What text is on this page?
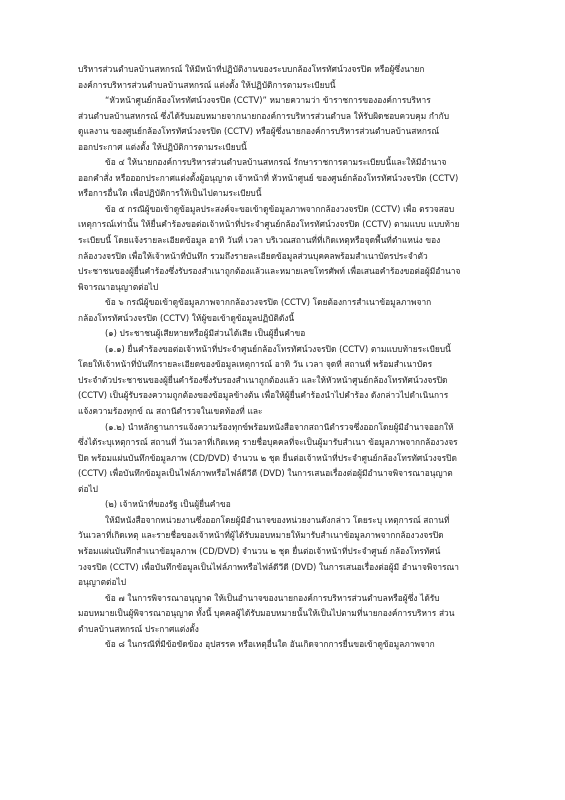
บริหารส่วนตำบลบ้านสหกรณ์ ให้มีหน้าที่ปฏิบัติงานของระบบกล้องโทรทัศน์วงจรปิด หรือผู้ซึ่งนายก
องค์การบริหารส่วนตำบลบ้านสหกรณ์ แต่งตั้ง ให้ปฏิบัติการตามระเบียบนี้
“หัวหน้าศูนย์กล้องโทรทัศน์วงจรปิด (CCTV)” หมายความว่า ข้าราชการขององค์การบริหาร
ส่วนตำบลบ้านสหกรณ์ ซึ่งได้รับมอบหมายจากนายกองค์การบริหารส่วนตำบล ให้รับผิดชอบควบคุม กำกับ
ดูแลงาน ของศูนย์กล้องโทรทัศน์วงจรปิด (CCTV) หรือผู้ซึ่งนายกองค์การบริหารส่วนตำบลบ้านสหกรณ์
ออกประกาศ แต่งตั้ง ให้ปฏิบัติการตามระเบียบนี้
ข้อ ๔ ให้นายกองค์การบริหารส่วนตำบลบ้านสหกรณ์ รักษาราชการตามระเบียบนี้และให้มีอำนาจ
ออกคำสั่ง หรือออกประกาศแต่งตั้งผู้อนุญาต เจ้าหน้าที่ หัวหน้าศูนย์ ของศูนย์กล้องโทรทัศน์วงจรปิด (CCTV)
หรือการอื่นใด เพื่อปฏิบัติการให้เป็นไปตามระเบียบนี้
ข้อ ๕ กรณีผู้ขอเข้าดูข้อมูลประสงค์จะขอเข้าดูข้อมูลภาพจากกล้องวงจรปิด (CCTV) เพื่อ ตรวจสอบ
เหตุการณ์เท่านั้น ให้ยื่นคำร้องขอต่อเจ้าหน้าที่ประจำศูนย์กล้องโทรทัศน์วงจรปิด (CCTV) ตามแบบ แบบท้าย
ระเบียบนี้ โดยแจ้งรายละเอียดข้อมูล อาทิ วันที่ เวลา บริเวณสถานที่ที่เกิดเหตุหรือจุดพื้นที่ตำแหน่ง ของ
กล้องวงจรปิด เพื่อให้เจ้าหน้าที่บันทึก รวมถึงรายละเอียดข้อมูลส่วนบุคคลพร้อมสำเนาบัตรประจำตัว
ประชาชนของผู้ยื่นคำร้องซึ่งรับรองสำเนาถูกต้องแล้วและหมายเลขโทรศัพท์ เพื่อเสนอคำร้องขอต่อผู้มีอำนาจ
พิจารณาอนุญาตต่อไป
ข้อ ๖ กรณีผู้ขอเข้าดูข้อมูลภาพจากกล้องวงจรปิด (CCTV) โดยต้องการสำเนาข้อมูลภาพจาก
กล้องโทรทัศน์วงจรปิด (CCTV) ให้ผู้ขอเข้าดูข้อมูลปฏิบัติดังนี้
(๑) ประชาชนผู้เสียหายหรือผู้มีส่วนได้เสีย เป็นผู้ยื่นคำขอ
(๑.๑) ยื่นคำร้องขอต่อเจ้าหน้าที่ประจำศูนย์กล้องโทรทัศน์วงจรปิด (CCTV) ตามแบบท้ายระเบียบนี้
โดยให้เจ้าหน้าที่บันทึกรายละเอียดของข้อมูลเหตุการณ์ อาทิ วัน เวลา จุดที่ สถานที่ พร้อมสำเนาบัตร
ประจำตัวประชาชนของผู้ยื่นคำร้องซึ่งรับรองสำเนาถูกต้องแล้ว และให้หัวหน้าศูนย์กล้องโทรทัศน์วงจรปิด
(CCTV) เป็นผู้รับรองความถูกต้องของข้อมูลข้างต้น เพื่อให้ผู้ยื่นคำร้องนำไปคำร้อง ดังกล่าวไปดำเนินการ
แจ้งความร้องทุกข์ ณ สถานีตำรวจในเขตท้องที่ และ
(๑.๒) นำหลักฐานการแจ้งความร้องทุกข์พร้อมหนังสือจากสถานีตำรวจซึ่งออกโดยผู้มีอำนาจออกให้
ซึ่งได้ระบุเหตุการณ์ สถานที่ วันเวลาที่เกิดเหตุ รายชื่อบุคคลที่จะเป็นผู้มารับสำเนา ข้อมูลภาพจากกล้องวงจร
ปิด พร้อมแผ่นบันทึกข้อมูลภาพ (CD/DVD) จำนวน ๒ ชุด ยื่นต่อเจ้าหน้าที่ประจำศูนย์กล้องโทรทัศน์วงจรปิด
(CCTV) เพื่อบันทึกข้อมูลเป็นไฟล์ภาพหรือไฟล์ดีวีดี (DVD) ในการเสนอเรื่องต่อผู้มีอำนาจพิจารณาอนุญาต
ต่อไป
(๒) เจ้าหน้าที่ของรัฐ เป็นผู้ยื่นคำขอ
ให้มีหนังสือจากหน่วยงานซึ่งออกโดยผู้มีอำนาจของหน่วยงานดังกล่าว โดยระบุ เหตุการณ์ สถานที่
วันเวลาที่เกิดเหตุ และรายชื่อของเจ้าหน้าที่ผู้ได้รับมอบหมายให้มารับสำเนาข้อมูลภาพจากกล้องวงจรปิด
พร้อมแผ่นบันทึกสำเนาข้อมูลภาพ (CD/DVD) จำนวน ๒ ชุด ยื่นต่อเจ้าหน้าที่ประจำศูนย์ กล้องโทรทัศน์
วงจรปิด (CCTV) เพื่อบันทึกข้อมูลเป็นไฟล์ภาพหรือไฟล์ดีวีดี (DVD) ในการเสนอเรื่องต่อผู้มี อำนาจพิจารณา
อนุญาตต่อไป
ข้อ ๗ ในการพิจารณาอนุญาต ให้เป็นอำนาจของนายกองค์การบริหารส่วนตำบลหรือผู้ซึ่ง ได้รับ
มอบหมายเป็นผู้พิจารณาอนุญาต ทั้งนี้ บุคคลผู้ได้รับมอบหมายนั้นให้เป็นไปตามที่นายกองค์การบริหาร ส่วน
ตำบลบ้านสหกรณ์ ประกาศแต่งตั้ง
ข้อ ๘ ในกรณีที่มีข้อขัดข้อง อุปสรรค หรือเหตุอื่นใด อันเกิดจากการยื่นขอเข้าดูข้อมูลภาพจาก
